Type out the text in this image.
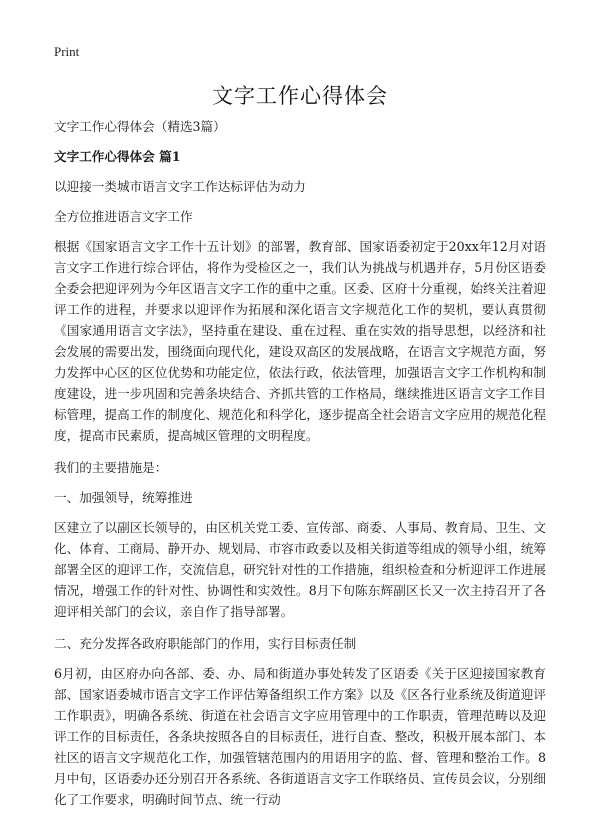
Print
文字工作心得体会

文字工作心得体会（精选3篇）

文字工作心得体会 篇1

以迎接一类城市语言文字工作达标评估为动力

全方位推进语言文字工作

根据《国家语言文字工作十五计划》的部署，教育部、国家语委初定于20xx年12月对语言文字工作进行综合评估，将作为受检区之一，我们认为挑战与机遇并存，5月份区语委全委会把迎评列为今年区语言文字工作的重中之重。区委、区府十分重视，始终关注着迎评工作的进程，并要求以迎评作为拓展和深化语言文字规范化工作的契机，要认真贯彻《国家通用语言文字法》，坚持重在建设、重在过程、重在实效的指导思想，以经济和社会发展的需要出发，围绕面向现代化，建设双高区的发展战略，在语言文字规范方面，努力发挥中心区的区位优势和功能定位，依法行政，依法管理，加强语言文字工作机构和制度建设，进一步巩固和完善条块结合、齐抓共管的工作格局，继续推进区语言文字工作目标管理，提高工作的制度化、规范化和科学化，逐步提高全社会语言文字应用的规范化程度，提高市民素质，提高城区管理的文明程度。

我们的主要措施是：

一、加强领导，统筹推进

区建立了以副区长领导的，由区机关党工委、宣传部、商委、人事局、教育局、卫生、文化、体育、工商局、静开办、规划局、市容市政委以及相关街道等组成的领导小组，统筹部署全区的迎评工作，交流信息，研究针对性的工作措施，组织检查和分析迎评工作进展情况，增强工作的针对性、协调性和实效性。8月下旬陈东辉副区长又一次主持召开了各迎评相关部门的会议，亲自作了指导部署。

二、充分发挥各政府职能部门的作用，实行目标责任制

6月初，由区府办向各部、委、办、局和街道办事处转发了区语委《关于区迎接国家教育部、国家语委城市语言文字工作评估筹备组织工作方案》以及《区各行业系统及街道迎评工作职责》，明确各系统、街道在社会语言文字应用管理中的工作职责，管理范畴以及迎评工作的目标责任，各条块按照各自的目标责任，进行自查、整改，积极开展本部门、本社区的语言文字规范化工作，加强管辖范围内的用语用字的监、督、管理和整治工作。8月中旬，区语委办还分别召开各系统、各街道语言文字工作联络员、宣传员会议，分别细化了工作要求，明确时间节点、统一行动
